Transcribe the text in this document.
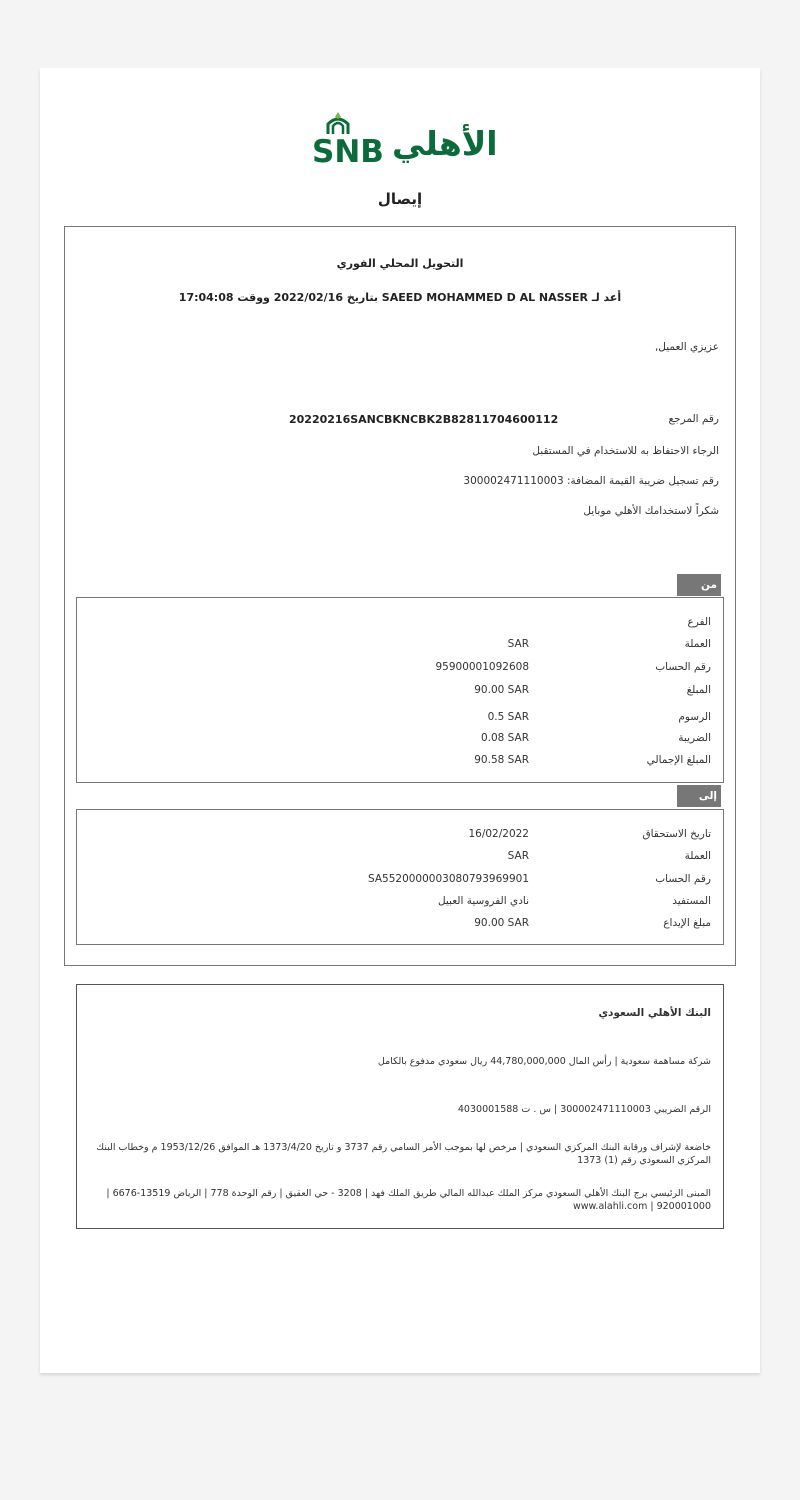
SNB الأهلي
إيصال
التحويل المحلي الفوري
أعد لـ SAEED MOHAMMED D AL NASSER بتاريخ 2022/02/16 ووقت 17:04:08
عزيزي العميل,
رقم المرجع
20220216SANCBKNCBK2B82811704600112
الرجاء الاحتفاظ به للاستخدام في المستقبل
رقم تسجيل ضريبة القيمة المضافة: 300002471110003
شكراً لاستخدامك الأهلي موبايل
من
الفرع
العملة
SAR
رقم الحساب
95900001092608
المبلغ
90.00 SAR
الرسوم
0.5 SAR
الضريبة
0.08 SAR
المبلغ الإجمالي
90.58 SAR
إلى
تاريخ الاستحقاق
16/02/2022
العملة
SAR
رقم الحساب
SA5520000003080793969901
المستفيد
نادي الفروسية العبيل
مبلغ الإيداع
90.00 SAR
البنك الأهلي السعودي
شركة مساهمة سعودية | رأس المال 44,780,000,000 ريال سعودي مدفوع بالكامل
الرقم الضريبي 300002471110003 | س . ت 4030001588
خاضعة لإشراف ورقابة البنك المركزي السعودي | مرخص لها بموجب الأمر السامي رقم 3737 و تاريخ 1373/4/20 هـ الموافق 1953/12/26 م وخطاب البنك المركزي السعودي رقم (1) 1373
المبنى الرئيسي برج البنك الأهلي السعودي مركز الملك عبدالله المالي طريق الملك فهد | 3208 - حي العقيق | رقم الوحدة 778 | الرياض 13519-6676 | www.alahli.com | 920001000
